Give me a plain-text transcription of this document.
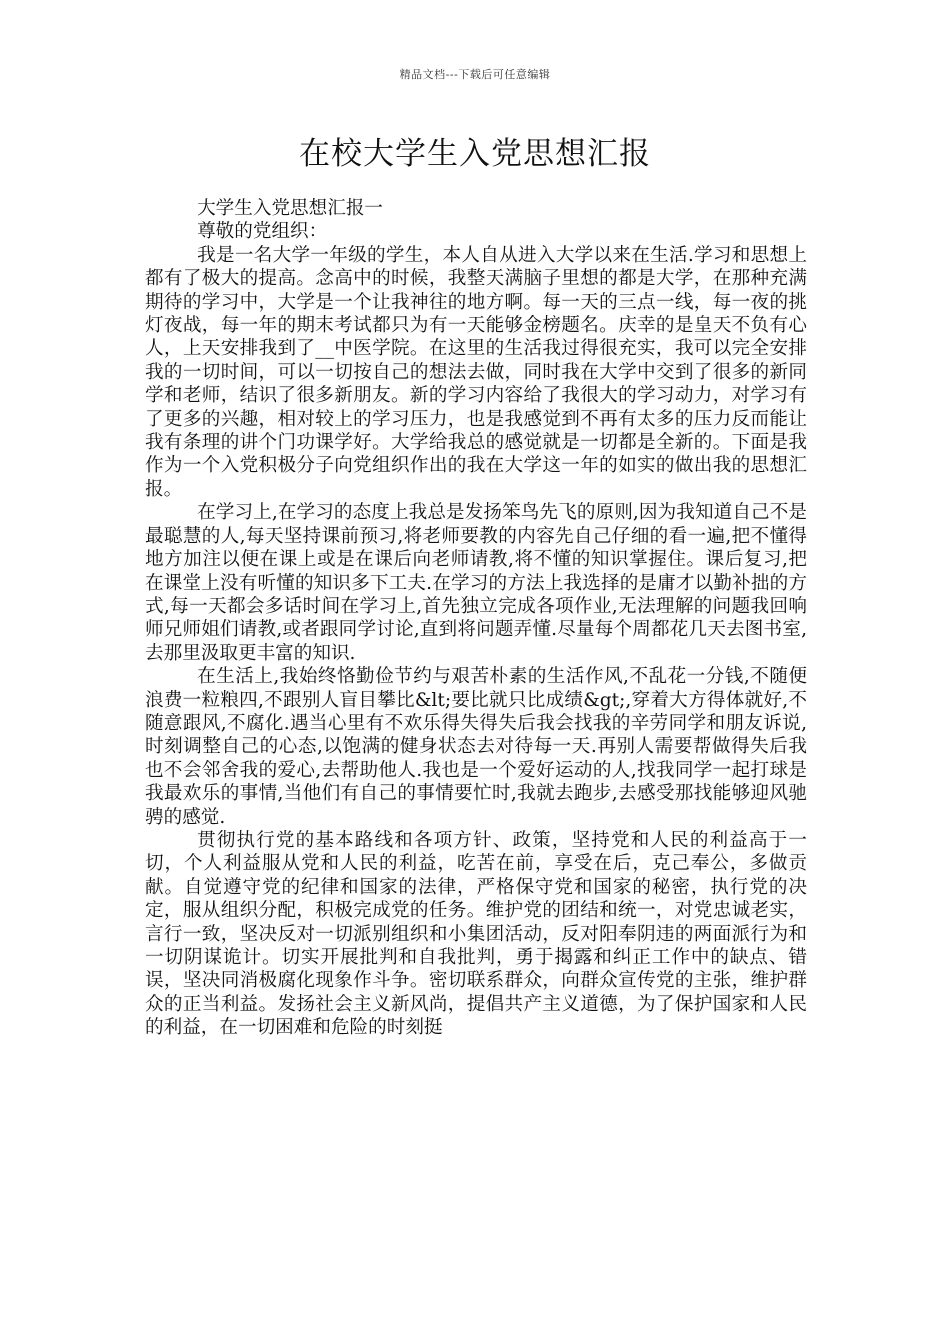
精品文档---下载后可任意编辑
在校大学生入党思想汇报

大学生入党思想汇报一

尊敬的党组织：

我是一名大学一年级的学生，本人自从进入大学以来在生活.学习和思想上都有了极大的提高。念高中的时候，我整天满脑子里想的都是大学，在那种充满期待的学习中，大学是一个让我神往的地方啊。每一天的三点一线，每一夜的挑灯夜战，每一年的期末考试都只为有一天能够金榜题名。庆幸的是皇天不负有心人，上天安排我到了__中医学院。在这里的生活我过得很充实，我可以完全安排我的一切时间，可以一切按自己的想法去做，同时我在大学中交到了很多的新同学和老师，结识了很多新朋友。新的学习内容给了我很大的学习动力，对学习有了更多的兴趣，相对较上的学习压力，也是我感觉到不再有太多的压力反而能让我有条理的讲个门功课学好。大学给我总的感觉就是一切都是全新的。下面是我作为一个入党积极分子向党组织作出的我在大学这一年的如实的做出我的思想汇报。

在学习上,在学习的态度上我总是发扬笨鸟先飞的原则,因为我知道自己不是最聪慧的人,每天坚持课前预习,将老师要教的内容先自己仔细的看一遍,把不懂得地方加注以便在课上或是在课后向老师请教,将不懂的知识掌握住。课后复习,把在课堂上没有听懂的知识多下工夫.在学习的方法上我选择的是庸才以勤补拙的方式,每一天都会多话时间在学习上,首先独立完成各项作业,无法理解的问题我回响师兄师姐们请教,或者跟同学讨论,直到将问题弄懂.尽量每个周都花几天去图书室,去那里汲取更丰富的知识.

在生活上,我始终恪勤俭节约与艰苦朴素的生活作风,不乱花一分钱,不随便浪费一粒粮四,不跟别人盲目攀比&lt;要比就只比成绩&gt;,穿着大方得体就好,不随意跟风,不腐化.遇当心里有不欢乐得失得失后我会找我的辛劳同学和朋友诉说,时刻调整自己的心态,以饱满的健身状态去对待每一天.再别人需要帮做得失后我也不会邻舍我的爱心,去帮助他人.我也是一个爱好运动的人,找我同学一起打球是我最欢乐的事情,当他们有自己的事情要忙时,我就去跑步,去感受那找能够迎风驰骋的感觉.

贯彻执行党的基本路线和各项方针、政策，坚持党和人民的利益高于一切，个人利益服从党和人民的利益，吃苦在前，享受在后，克己奉公，多做贡献。自觉遵守党的纪律和国家的法律，严格保守党和国家的秘密，执行党的决定，服从组织分配，积极完成党的任务。维护党的团结和统一，对党忠诚老实，言行一致，坚决反对一切派别组织和小集团活动，反对阳奉阴违的两面派行为和一切阴谋诡计。切实开展批判和自我批判，勇于揭露和纠正工作中的缺点、错误，坚决同消极腐化现象作斗争。密切联系群众，向群众宣传党的主张，维护群众的正当利益。发扬社会主义新风尚，提倡共产主义道德，为了保护国家和人民的利益，在一切困难和危险的时刻挺
